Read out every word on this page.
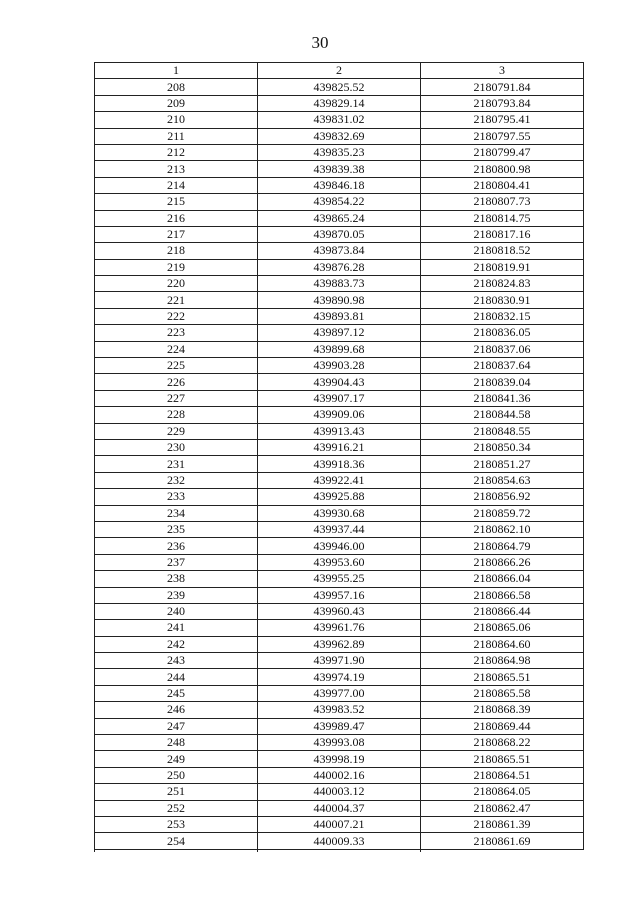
30
1	2	3
208	439825.52	2180791.84
209	439829.14	2180793.84
210	439831.02	2180795.41
211	439832.69	2180797.55
212	439835.23	2180799.47
213	439839.38	2180800.98
214	439846.18	2180804.41
215	439854.22	2180807.73
216	439865.24	2180814.75
217	439870.05	2180817.16
218	439873.84	2180818.52
219	439876.28	2180819.91
220	439883.73	2180824.83
221	439890.98	2180830.91
222	439893.81	2180832.15
223	439897.12	2180836.05
224	439899.68	2180837.06
225	439903.28	2180837.64
226	439904.43	2180839.04
227	439907.17	2180841.36
228	439909.06	2180844.58
229	439913.43	2180848.55
230	439916.21	2180850.34
231	439918.36	2180851.27
232	439922.41	2180854.63
233	439925.88	2180856.92
234	439930.68	2180859.72
235	439937.44	2180862.10
236	439946.00	2180864.79
237	439953.60	2180866.26
238	439955.25	2180866.04
239	439957.16	2180866.58
240	439960.43	2180866.44
241	439961.76	2180865.06
242	439962.89	2180864.60
243	439971.90	2180864.98
244	439974.19	2180865.51
245	439977.00	2180865.58
246	439983.52	2180868.39
247	439989.47	2180869.44
248	439993.08	2180868.22
249	439998.19	2180865.51
250	440002.16	2180864.51
251	440003.12	2180864.05
252	440004.37	2180862.47
253	440007.21	2180861.39
254	440009.33	2180861.69
